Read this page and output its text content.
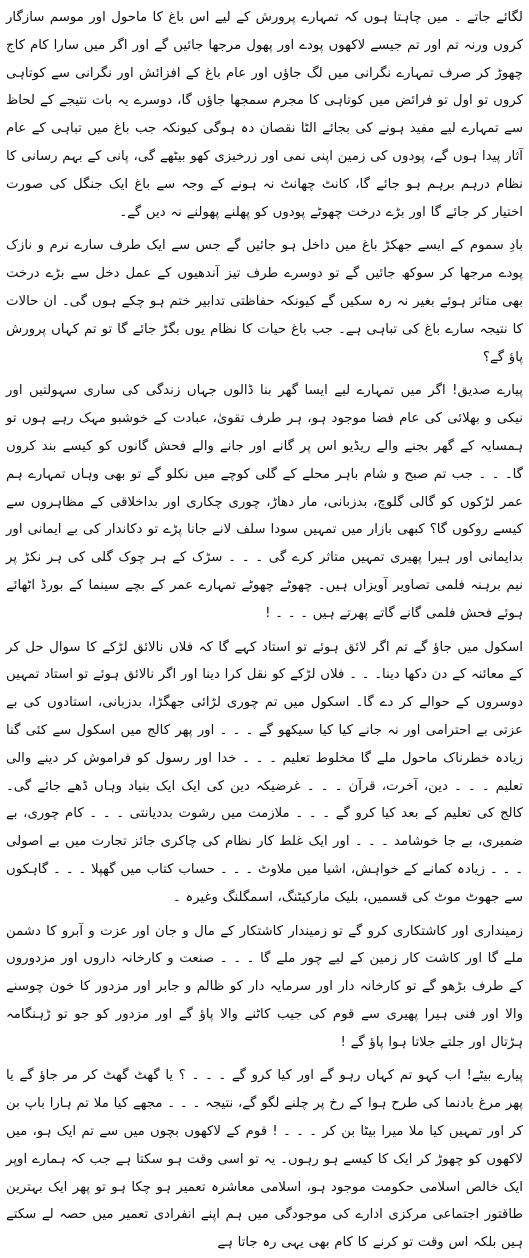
لگائے جاتے ۔ میں چاہتا ہوں کہ تمہارے پرورش کے لیے اس باغ کا ماحول اور موسم سازگار کروں ورنہ تم اور تم جیسے لاکھوں پودے اور پھول مرجھا جائیں گے اور اگر میں سارا کام کاج چھوڑ کر صرف تمہارے نگرانی میں لگ جاؤں اور عام باغ کے افزائش اور نگرانی سے کوتاہی کروں تو اول تو فرائض میں کوتاہی کا مجرم سمجھا جاؤں گا، دوسرے یہ بات نتیجے کے لحاظ سے تمہارے لیے مفید ہونے کی بجائے الٹا نقصان دہ ہوگی کیونکہ جب باغ میں تباہی کے عام آثار پیدا ہوں گے، پودوں کی زمین اپنی نمی اور زرخیزی کھو بیٹھے گی، پانی کے بہم رسانی کا نظام درہم برہم ہو جائے گا، کانٹ چھانٹ نہ ہونے کے وجہ سے باغ ایک جنگل کی صورت اختیار کر جائے گا اور بڑے درخت چھوٹے پودوں کو پھلنے پھولنے نہ دیں گے۔

بادِ سموم کے ایسے جھکڑ باغ میں داخل ہو جائیں گے جس سے ایک طرف سارے نرم و نازک پودے مرجھا کر سوکھ جائیں گے تو دوسرے طرف تیز آندھیوں کے عمل دخل سے بڑے درخت بھی متاثر ہوئے بغیر نہ رہ سکیں گے کیونکہ حفاظتی تدابیر ختم ہو چکے ہوں گی۔ ان حالات کا نتیجہ سارے باغ کی تباہی ہے۔ جب باغ حیات کا نظام یوں بگڑ جائے گا تو تم کہاں پرورش پاؤ گے؟

پیارے صدیق! اگر میں تمہارے لیے ایسا گھر بنا ڈالوں جہاں زندگی کی ساری سہولتیں اور نیکی و بھلائی کی عام فضا موجود ہو، ہر طرف تقویٰ، عبادت کے خوشبو مہک رہے ہوں تو ہمسایہ کے گھر بجنے والے ریڈیو اس پر گانے اور جانے والے فحش گانوں کو کیسے بند کروں گا۔ ۔ ۔ جب تم صبح و شام باہر محلے کے گلی کوچے میں نکلو گے تو بھی وہاں تمہارے ہم عمر لڑکوں کو گالی گلوچ، بدزبانی، مار دھاڑ، چوری چکاری اور بداخلاقی کے مظاہروں سے کیسے روکوں گا؟ کبھی بازار میں تمہیں سودا سلف لانے جانا پڑے تو دکاندار کی بے ایمانی اور بدایمانی اور ہیرا پھیری تمہیں متاثر کرے گی ۔ ۔ ۔ سڑک کے ہر چوک گلی کی ہر نکڑ پر نیم برہنہ فلمی تصاویر آویزاں ہیں۔ چھوٹے چھوٹے تمہارے عمر کے بچے سینما کے بورڈ اٹھائے ہوئے فحش فلمی گانے گاتے پھرتے ہیں ۔ ۔ ۔ !

اسکول میں جاؤ گے تم اگر لائق ہوئے تو استاد کہے گا کہ فلاں نالائق لڑکے کا سوال حل کر کے معائنہ کے دن دکھا دینا۔ ۔ ۔ فلاں لڑکے کو نقل کرا دینا اور اگر نالائق ہوئے تو استاد تمہیں دوسروں کے حوالے کر دے گا۔ اسکول میں تم چوری لڑائی جھگڑا، بدزبانی، استادوں کی بے عزتی بے احترامی اور نہ جانے کیا کیا سیکھو گے ۔ ۔ ۔ اور پھر کالج میں اسکول سے کئی گنا زیادہ خطرناک ماحول ملے گا مخلوط تعلیم ۔ ۔ ۔ خدا اور رسول کو فراموش کر دینے والی تعلیم ۔ ۔ ۔ دین، آخرت، قرآن ۔ ۔ ۔ غرضیکہ دین کی ایک ایک بنیاد وہاں ڈھے جائے گی۔ کالج کی تعلیم کے بعد کیا کرو گے ۔ ۔ ۔ ملازمت میں رشوت بددیانتی ۔ ۔ ۔ کام چوری، بے ضمیری، بے جا خوشامد ۔ ۔ ۔ اور ایک غلط کار نظام کی چاکری جائز تجارت میں بے اصولی ۔ ۔ ۔ زیادہ کمانے کے خواہش، اشیا میں ملاوٹ ۔ ۔ ۔ حساب کتاب میں گھپلا ۔ ۔ ۔ گاہکوں سے جھوٹ موٹ کی قسمیں، بلیک مارکیٹنگ، اسمگلنگ وغیرہ ۔

زمینداری اور کاشتکاری کرو گے تو زمیندار کاشتکار کے مال و جان اور عزت و آبرو کا دشمن ملے گا اور کاشت کار زمین کے لیے چور ملے گا ۔ ۔ ۔ صنعت و کارخانہ داروں اور مزدوروں کے طرف بڑھو گے تو کارخانہ دار اور سرمایہ دار کو ظالم و جابر اور مزدور کا خون چوسنے والا اور فنی ہیرا پھیری سے قوم کی جیب کاٹنے والا پاؤ گے اور مزدور کو جو تو ڑہنگامہ ہڑتال اور جلتے جلاتا ہوا پاؤ گے !

پیارے بیٹے! اب کہو تم کہاں رہو گے اور کیا کرو گے ۔ ۔ ۔ ؟ یا گھٹ گھٹ کر مر جاؤ گے یا پھر مرغ بادنما کی طرح ہوا کے رخ پر چلنے لگو گے، نتیجہ ۔ ۔ ۔ مجھے کیا ملا تم ہارا باپ بن کر اور تمہیں کیا ملا میرا بیٹا بن کر ۔ ۔ ۔ ! قوم کے لاکھوں بچوں میں سے تم ایک ہو، میں لاکھوں کو چھوڑ کر ایک کا کیسے ہو رہوں۔ یہ تو اسی وقت ہو سکتا ہے جب کہ ہمارے اوپر ایک خالص اسلامی حکومت موجود ہو، اسلامی معاشرہ تعمیر ہو چکا ہو تو پھر ایک بہترین طاقتور اجتماعی مرکزی ادارے کی موجودگی میں ہم اپنے انفرادی تعمیر میں حصہ لے سکتے ہیں بلکہ اس وقت تو کرنے کا کام بھی یہی رہ جاتا ہے
